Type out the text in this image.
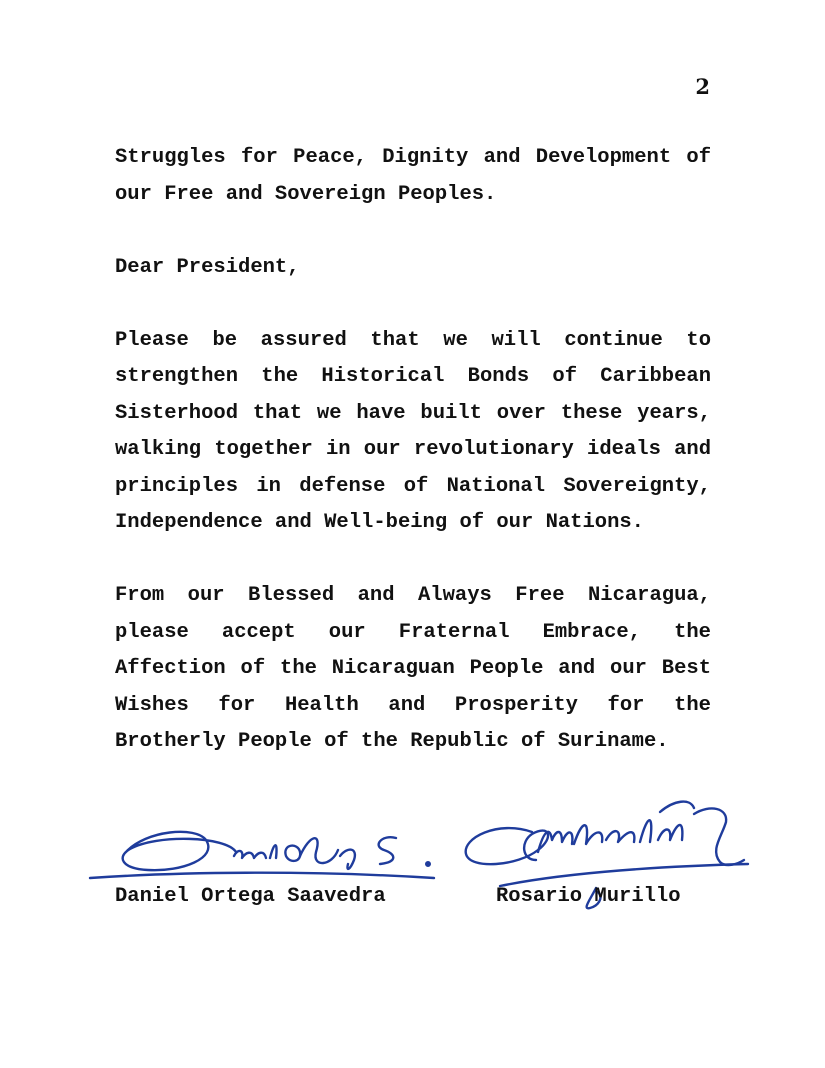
2

Struggles for Peace, Dignity and Development of our Free and Sovereign Peoples.

Dear President,

Please be assured that we will continue to strengthen the Historical Bonds of Caribbean Sisterhood that we have built over these years, walking together in our revolutionary ideals and principles in defense of National Sovereignty, Independence and Well-being of our Nations.

From our Blessed and Always Free Nicaragua, please accept our Fraternal Embrace, the Affection of the Nicaraguan People and our Best Wishes for Health and Prosperity for the Brotherly People of the Republic of Suriname.

Daniel Ortega Saavedra	Rosario Murillo
